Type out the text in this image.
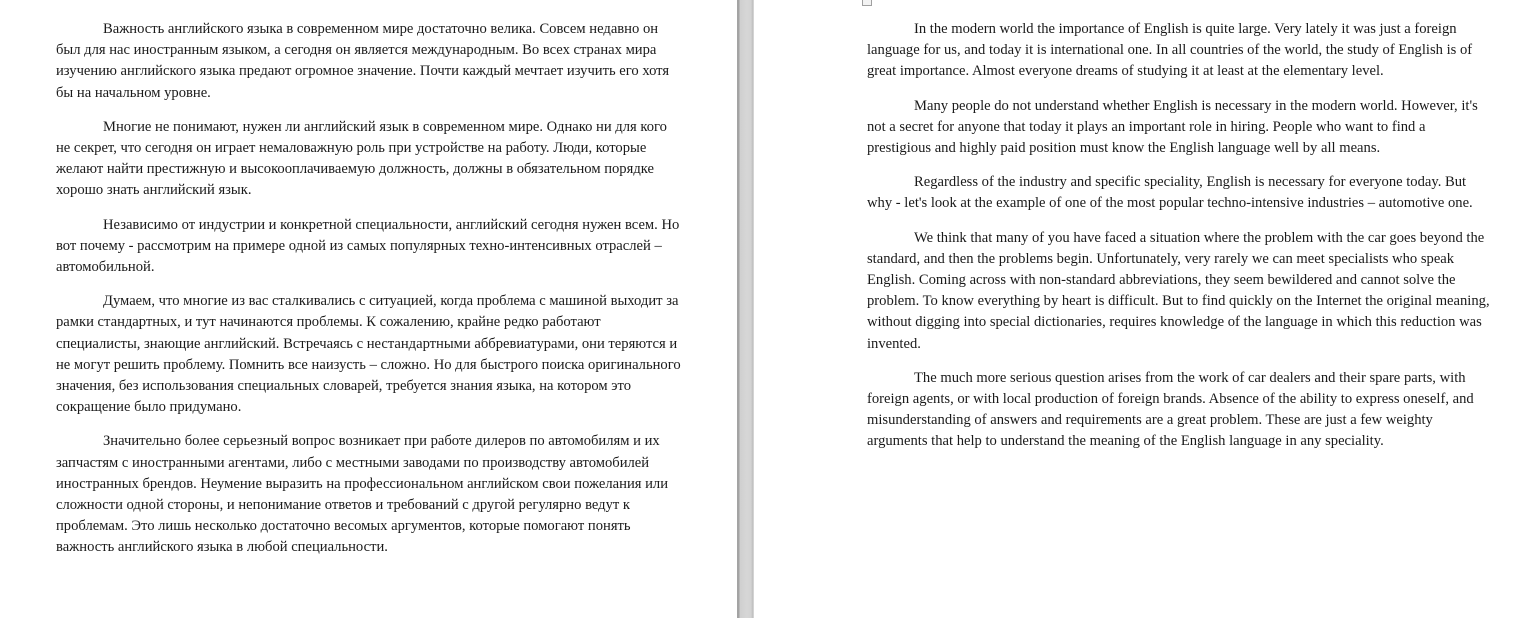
Важность английского языка в современном мире достаточно велика. Совсем недавно он был для нас иностранным языком, а сегодня он является международным. Во всех странах мира изучению английского языка предают огромное значение. Почти каждый мечтает изучить его хотя бы на начальном уровне.

Многие не понимают, нужен ли английский язык в современном мире. Однако ни для кого не секрет, что сегодня он играет немаловажную роль при устройстве на работу. Люди, которые желают найти престижную и высокооплачиваемую должность, должны в обязательном порядке хорошо знать английский язык.

Независимо от индустрии и конкретной специальности, английский сегодня нужен всем. Но вот почему - рассмотрим на примере одной из самых популярных техно-интенсивных отраслей – автомобильной.

Думаем, что многие из вас сталкивались с ситуацией, когда проблема с машиной выходит за рамки стандартных, и тут начинаются проблемы. К сожалению, крайне редко работают специалисты, знающие английский. Встречаясь с нестандартными аббревиатурами, они теряются и не могут решить проблему. Помнить все наизусть – сложно. Но для быстрого поиска оригинального значения, без использования специальных словарей, требуется знания языка, на котором это сокращение было придумано.

Значительно более серьезный вопрос возникает при работе дилеров по автомобилям и их запчастям с иностранными агентами, либо с местными заводами по производству автомобилей иностранных брендов. Неумение выразить на профессиональном английском свои пожелания или сложности одной стороны, и непонимание ответов и требований с другой регулярно ведут к проблемам. Это лишь несколько достаточно весомых аргументов, которые помогают понять важность английского языка в любой специальности.

In the modern world the importance of English is quite large. Very lately it was just a foreign language for us, and today it is international one. In all countries of the world, the study of English is of great importance. Almost everyone dreams of studying it at least at the elementary level.

Many people do not understand whether English is necessary in the modern world. However, it's not a secret for anyone that today it plays an important role in hiring. People who want to find a prestigious and highly paid position must know the English language well by all means.

Regardless of the industry and specific speciality, English is necessary for everyone today. But why - let's look at the example of one of the most popular techno-intensive industries – automotive one.

We think that many of you have faced a situation where the problem with the car goes beyond the standard, and then the problems begin. Unfortunately, very rarely we can meet specialists who speak English. Coming across with non-standard abbreviations, they seem bewildered and cannot solve the problem. To know everything by heart is difficult. But to find quickly on the Internet the original meaning, without digging into special dictionaries, requires knowledge of the language in which this reduction was invented.

The much more serious question arises from the work of car dealers and their spare parts, with foreign agents, or with local production of foreign brands. Absence of the ability to express oneself, and misunderstanding of answers and requirements are a great problem. These are just a few weighty arguments that help to understand the meaning of the English language in any speciality.
